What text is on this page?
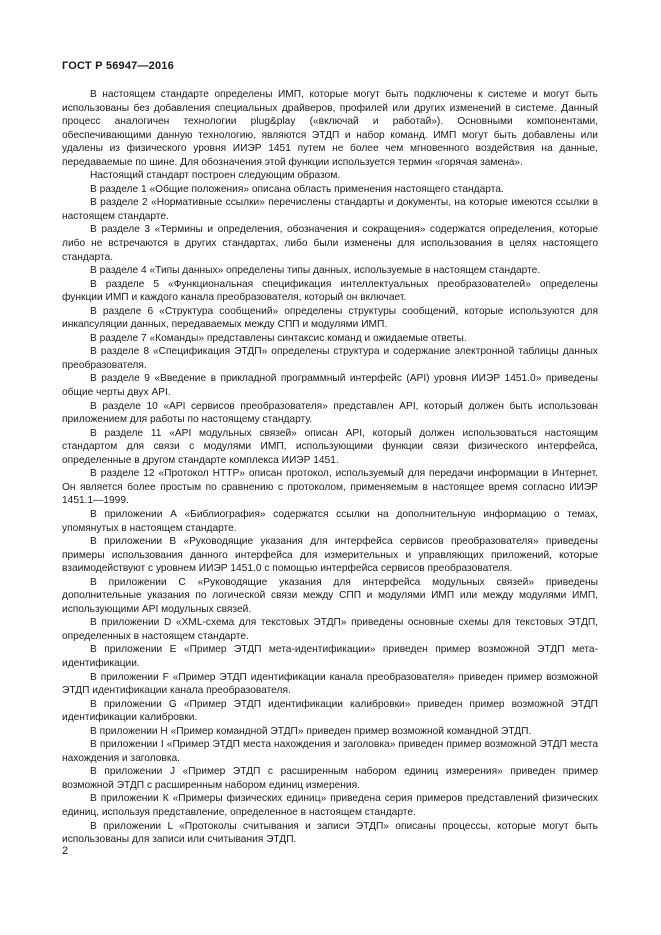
ГОСТ Р 56947—2016

В настоящем стандарте определены ИМП, которые могут быть подключены к системе и могут быть использованы без добавления специальных драйверов, профилей или других изменений в системе. Данный процесс аналогичен технологии plug&play («включай и работай»). Основными компонентами, обеспечивающими данную технологию, являются ЭТДП и набор команд. ИМП могут быть добавлены или удалены из физического уровня ИИЭР 1451 путем не более чем мгновенного воздействия на данные, передаваемые по шине. Для обозначения этой функции используется термин «горячая замена».

Настоящий стандарт построен следующим образом.

В разделе 1 «Общие положения» описана область применения настоящего стандарта.

В разделе 2 «Нормативные ссылки» перечислены стандарты и документы, на которые имеются ссылки в настоящем стандарте.

В разделе 3 «Термины и определения, обозначения и сокращения» содержатся определения, которые либо не встречаются в других стандартах, либо были изменены для использования в целях настоящего стандарта.

В разделе 4 «Типы данных» определены типы данных, используемые в настоящем стандарте.

В разделе 5 «Функциональная спецификация интеллектуальных преобразователей» определены функции ИМП и каждого канала преобразователя, который он включает.

В разделе 6 «Структура сообщений» определены структуры сообщений, которые используются для инкапсуляции данных, передаваемых между СПП и модулями ИМП.

В разделе 7 «Команды» представлены синтаксис команд и ожидаемые ответы.

В разделе 8 «Спецификация ЭТДП» определены структура и содержание электронной таблицы данных преобразователя.

В разделе 9 «Введение в прикладной программный интерфейс (API) уровня ИИЭР 1451.0» приведены общие черты двух API.

В разделе 10 «API сервисов преобразователя» представлен API, который должен быть использован приложением для работы по настоящему стандарту.

В разделе 11 «API модульных связей» описан API, который должен использоваться настоящим стандартом для связи с модулями ИМП, использующими функции связи физического интерфейса, определенные в другом стандарте комплекса ИИЭР 1451.

В разделе 12 «Протокол HTTP» описан протокол, используемый для передачи информации в Интернет. Он является более простым по сравнению с протоколом, применяемым в настоящее время согласно ИИЭР 1451.1—1999.

В приложении А «Библиография» содержатся ссылки на дополнительную информацию о темах, упомянутых в настоящем стандарте.

В приложении В «Руководящие указания для интерфейса сервисов преобразователя» приведены примеры использования данного интерфейса для измерительных и управляющих приложений, которые взаимодействуют с уровнем ИИЭР 1451.0 с помощью интерфейса сервисов преобразователя.

В приложении С «Руководящие указания для интерфейса модульных связей» приведены дополнительные указания по логической связи между СПП и модулями ИМП или между модулями ИМП, использующими API модульных связей.

В приложении D «XML-схема для текстовых ЭТДП» приведены основные схемы для текстовых ЭТДП, определенных в настоящем стандарте.

В приложении Е «Пример ЭТДП мета-идентификации» приведен пример возможной ЭТДП мета-идентификации.

В приложении F «Пример ЭТДП идентификации канала преобразователя» приведен пример возможной ЭТДП идентификации канала преобразователя.

В приложении G «Пример ЭТДП идентификации калибровки» приведен пример возможной ЭТДП идентификации калибровки.

В приложении Н «Пример командной ЭТДП» приведен пример возможной командной ЭТДП.

В приложении I «Пример ЭТДП места нахождения и заголовка» приведен пример возможной ЭТДП места нахождения и заголовка.

В приложении J «Пример ЭТДП с расширенным набором единиц измерения» приведен пример возможной ЭТДП с расширенным набором единиц измерения.

В приложении К «Примеры физических единиц» приведена серия примеров представлений физических единиц, используя представление, определенное в настоящем стандарте.

В приложении L «Протоколы считывания и записи ЭТДП» описаны процессы, которые могут быть использованы для записи или считывания ЭТДП.

2
